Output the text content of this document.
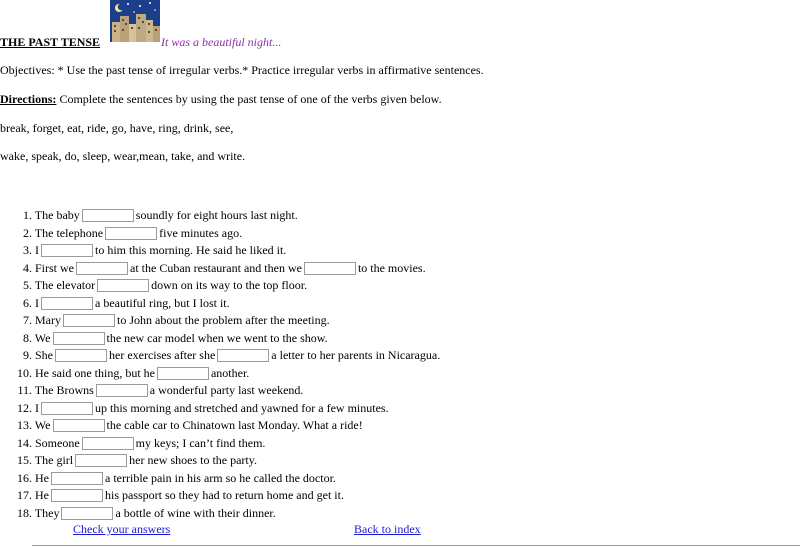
THE PAST TENSE	It was a beautiful night...
Objectives: * Use the past tense of irregular verbs.* Practice irregular verbs in affirmative sentences.
Directions: Complete the sentences by using the past tense of one of the verbs given below.
break, forget, eat, ride, go, have, ring, drink, see,
wake, speak, do, sleep, wear,mean, take, and write.
1. The baby	soundly for eight hours last night.
2. The telephone	five minutes ago.
3. I	to him this morning. He said he liked it.
4. First we	at the Cuban restaurant and then we	to the movies.
5. The elevator	down on its way to the top floor.
6. I	a beautiful ring, but I lost it.
7. Mary	to John about the problem after the meeting.
8. We	the new car model when we went to the show.
9. She	her exercises after she	a letter to her parents in Nicaragua.
10. He said one thing, but he	another.
11. The Browns	a wonderful party last weekend.
12. I	up this morning and stretched and yawned for a few minutes.
13. We	the cable car to Chinatown last Monday. What a ride!
14. Someone	my keys; I can’t find them.
15. The girl	her new shoes to the party.
16. He	a terrible pain in his arm so he called the doctor.
17. He	his passport so they had to return home and get it.
18. They	a bottle of wine with their dinner.
Check your answers	Back to index
